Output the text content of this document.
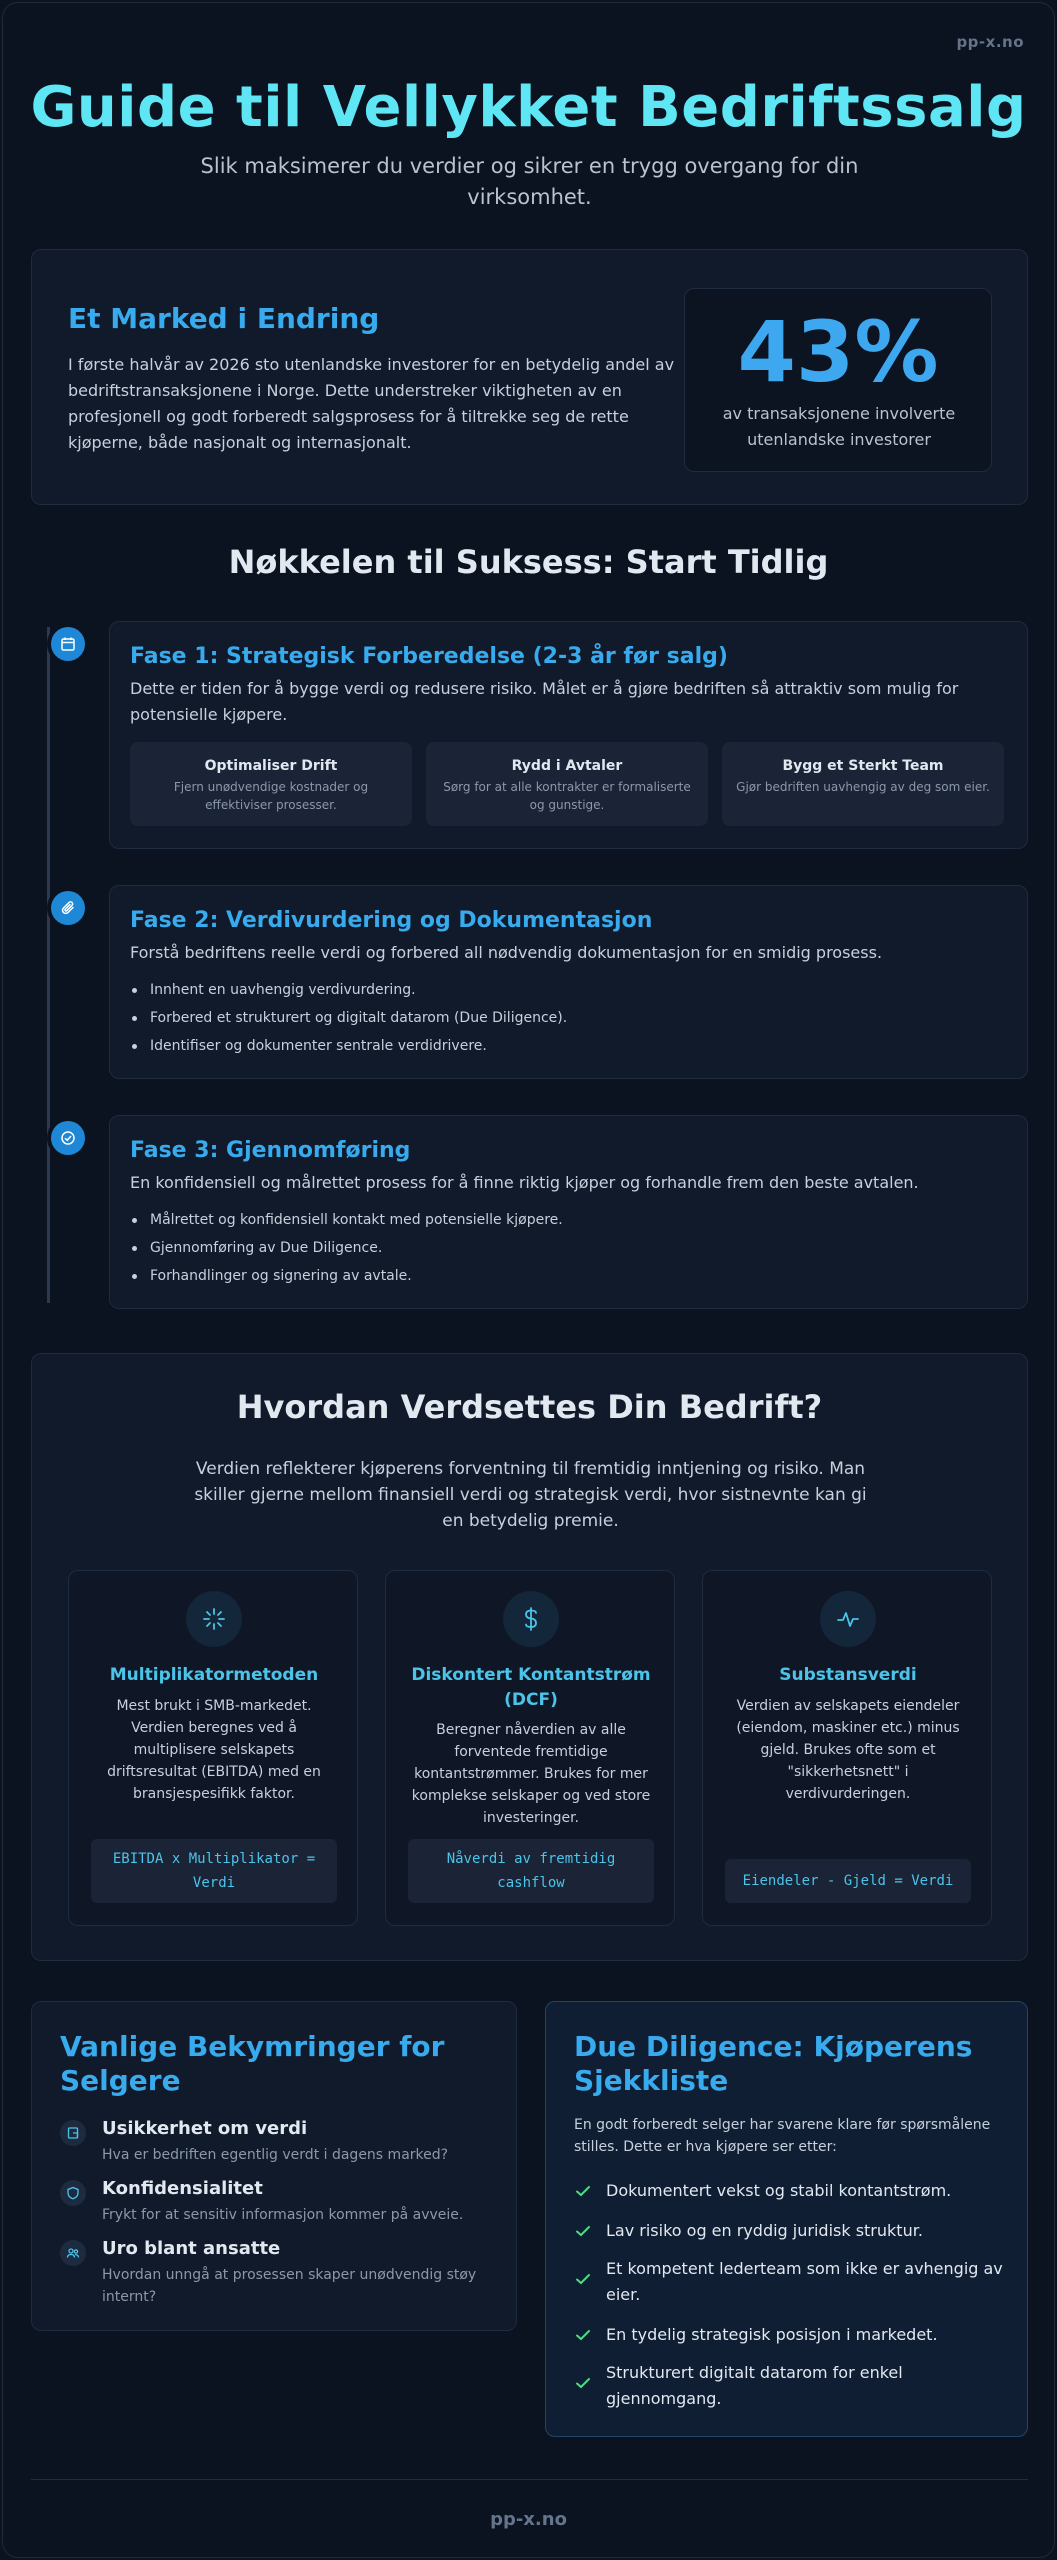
pp-x.no
Guide til Vellykket Bedriftssalg
Slik maksimerer du verdier og sikrer en trygg overgang for din virksomhet.
Et Marked i Endring
I første halvår av 2026 sto utenlandske investorer for en betydelig andel av bedriftstransaksjonene i Norge. Dette understreker viktigheten av en profesjonell og godt forberedt salgsprosess for å tiltrekke seg de rette kjøperne, både nasjonalt og internasjonalt.
43%
av transaksjonene involverte utenlandske investorer
Nøkkelen til Suksess: Start Tidlig
Fase 1: Strategisk Forberedelse (2-3 år før salg)
Dette er tiden for å bygge verdi og redusere risiko. Målet er å gjøre bedriften så attraktiv som mulig for potensielle kjøpere.
Optimaliser Drift
Fjern unødvendige kostnader og effektiviser prosesser.
Rydd i Avtaler
Sørg for at alle kontrakter er formaliserte og gunstige.
Bygg et Sterkt Team
Gjør bedriften uavhengig av deg som eier.
Fase 2: Verdivurdering og Dokumentasjon
Forstå bedriftens reelle verdi og forbered all nødvendig dokumentasjon for en smidig prosess.
Innhent en uavhengig verdivurdering.
Forbered et strukturert og digitalt datarom (Due Diligence).
Identifiser og dokumenter sentrale verdidrivere.
Fase 3: Gjennomføring
En konfidensiell og målrettet prosess for å finne riktig kjøper og forhandle frem den beste avtalen.
Målrettet og konfidensiell kontakt med potensielle kjøpere.
Gjennomføring av Due Diligence.
Forhandlinger og signering av avtale.
Hvordan Verdsettes Din Bedrift?
Verdien reflekterer kjøperens forventning til fremtidig inntjening og risiko. Man skiller gjerne mellom finansiell verdi og strategisk verdi, hvor sistnevnte kan gi en betydelig premie.
Multiplikatormetoden
Mest brukt i SMB-markedet. Verdien beregnes ved å multiplisere selskapets driftsresultat (EBITDA) med en bransjespesifikk faktor.
EBITDA x Multiplikator = Verdi
Diskontert Kontantstrøm (DCF)
Beregner nåverdien av alle forventede fremtidige kontantstrømmer. Brukes for mer komplekse selskaper og ved store investeringer.
Nåverdi av fremtidig cashflow
Substansverdi
Verdien av selskapets eiendeler (eiendom, maskiner etc.) minus gjeld. Brukes ofte som et "sikkerhetsnett" i verdivurderingen.
Eiendeler - Gjeld = Verdi
Vanlige Bekymringer for Selgere
Usikkerhet om verdi
Hva er bedriften egentlig verdt i dagens marked?
Konfidensialitet
Frykt for at sensitiv informasjon kommer på avveie.
Uro blant ansatte
Hvordan unngå at prosessen skaper unødvendig støy internt?
Due Diligence: Kjøperens Sjekkliste
En godt forberedt selger har svarene klare før spørsmålene stilles. Dette er hva kjøpere ser etter:
Dokumentert vekst og stabil kontantstrøm.
Lav risiko og en ryddig juridisk struktur.
Et kompetent lederteam som ikke er avhengig av eier.
En tydelig strategisk posisjon i markedet.
Strukturert digitalt datarom for enkel gjennomgang.
pp-x.no
